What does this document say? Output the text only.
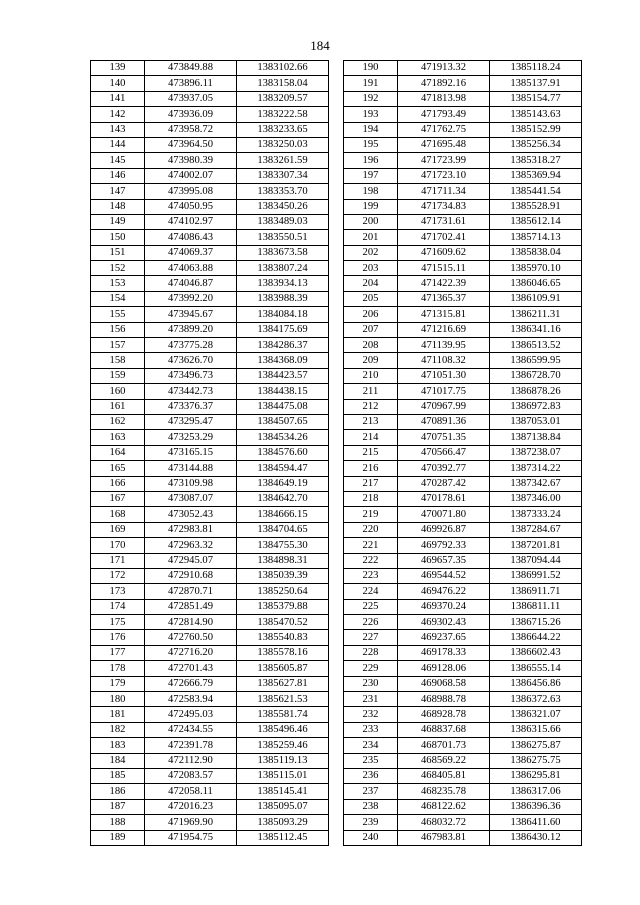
184
139	473849.88	1383102.66
140	473896.11	1383158.04
141	473937.05	1383209.57
142	473936.09	1383222.58
143	473958.72	1383233.65
144	473964.50	1383250.03
145	473980.39	1383261.59
146	474002.07	1383307.34
147	473995.08	1383353.70
148	474050.95	1383450.26
149	474102.97	1383489.03
150	474086.43	1383550.51
151	474069.37	1383673.58
152	474063.88	1383807.24
153	474046.87	1383934.13
154	473992.20	1383988.39
155	473945.67	1384084.18
156	473899.20	1384175.69
157	473775.28	1384286.37
158	473626.70	1384368.09
159	473496.73	1384423.57
160	473442.73	1384438.15
161	473376.37	1384475.08
162	473295.47	1384507.65
163	473253.29	1384534.26
164	473165.15	1384576.60
165	473144.88	1384594.47
166	473109.98	1384649.19
167	473087.07	1384642.70
168	473052.43	1384666.15
169	472983.81	1384704.65
170	472963.32	1384755.30
171	472945.07	1384898.31
172	472910.68	1385039.39
173	472870.71	1385250.64
174	472851.49	1385379.88
175	472814.90	1385470.52
176	472760.50	1385540.83
177	472716.20	1385578.16
178	472701.43	1385605.87
179	472666.79	1385627.81
180	472583.94	1385621.53
181	472495.03	1385581.74
182	472434.55	1385496.46
183	472391.78	1385259.46
184	472112.90	1385119.13
185	472083.57	1385115.01
186	472058.11	1385145.41
187	472016.23	1385095.07
188	471969.90	1385093.29
189	471954.75	1385112.45
190	471913.32	1385118.24
191	471892.16	1385137.91
192	471813.98	1385154.77
193	471793.49	1385143.63
194	471762.75	1385152.99
195	471695.48	1385256.34
196	471723.99	1385318.27
197	471723.10	1385369.94
198	471711.34	1385441.54
199	471734.83	1385528.91
200	471731.61	1385612.14
201	471702.41	1385714.13
202	471609.62	1385838.04
203	471515.11	1385970.10
204	471422.39	1386046.65
205	471365.37	1386109.91
206	471315.81	1386211.31
207	471216.69	1386341.16
208	471139.95	1386513.52
209	471108.32	1386599.95
210	471051.30	1386728.70
211	471017.75	1386878.26
212	470967.99	1386972.83
213	470891.36	1387053.01
214	470751.35	1387138.84
215	470566.47	1387238.07
216	470392.77	1387314.22
217	470287.42	1387342.67
218	470178.61	1387346.00
219	470071.80	1387333.24
220	469926.87	1387284.67
221	469792.33	1387201.81
222	469657.35	1387094.44
223	469544.52	1386991.52
224	469476.22	1386911.71
225	469370.24	1386811.11
226	469302.43	1386715.26
227	469237.65	1386644.22
228	469178.33	1386602.43
229	469128.06	1386555.14
230	469068.58	1386456.86
231	468988.78	1386372.63
232	468928.78	1386321.07
233	468837.68	1386315.66
234	468701.73	1386275.87
235	468569.22	1386275.75
236	468405.81	1386295.81
237	468235.78	1386317.06
238	468122.62	1386396.36
239	468032.72	1386411.60
240	467983.81	1386430.12
